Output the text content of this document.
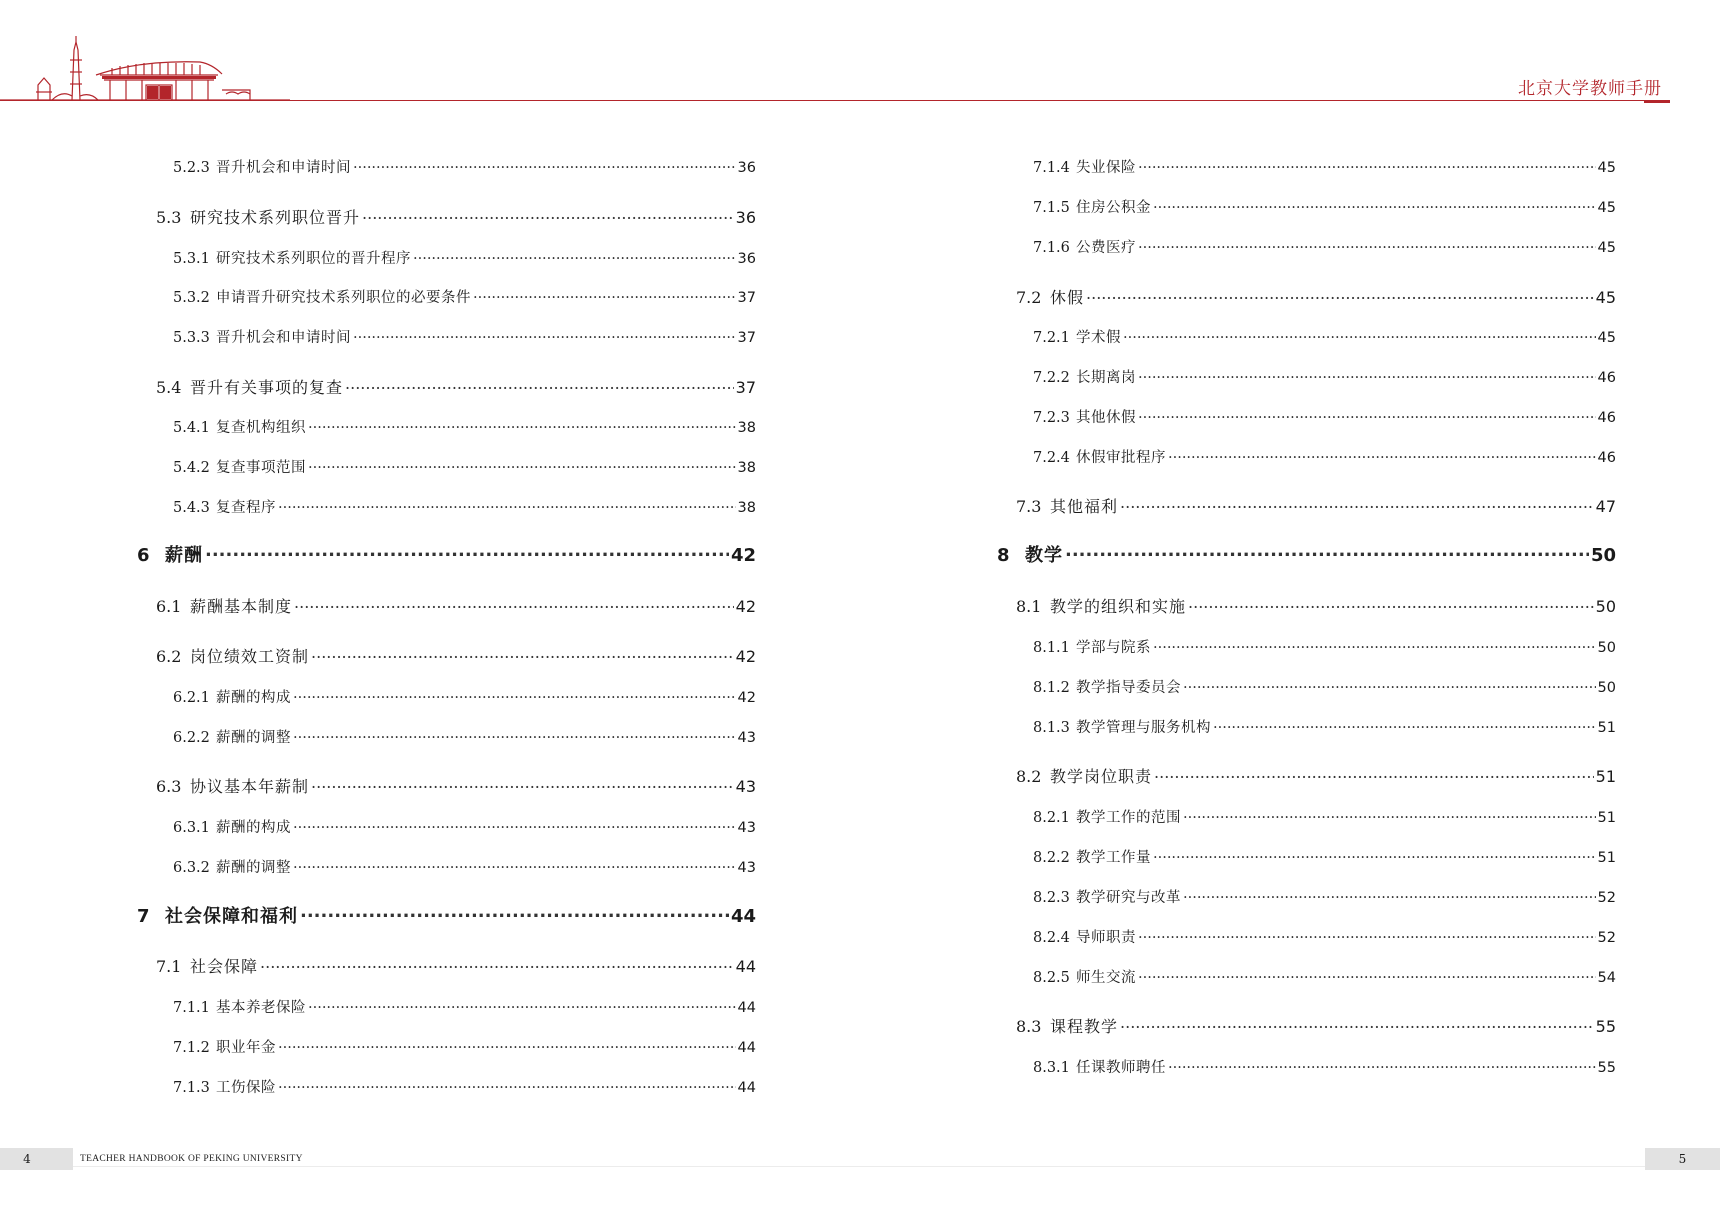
北京大学教师手册
5.2.3 晋升机会和申请时间 .....	36
5.3 研究技术系列职位晋升 .....	36
5.3.1 研究技术系列职位的晋升程序 .....	36
5.3.2 申请晋升研究技术系列职位的必要条件 .....	37
5.3.3 晋升机会和申请时间 .....	37
5.4 晋升有关事项的复查 .....	37
5.4.1 复查机构组织 .....	38
5.4.2 复查事项范围 .....	38
5.4.3 复查程序 .....	38
6 薪酬 .....	42
6.1 薪酬基本制度 .....	42
6.2 岗位绩效工资制 .....	42
6.2.1 薪酬的构成 .....	42
6.2.2 薪酬的调整 .....	43
6.3 协议基本年薪制 .....	43
6.3.1 薪酬的构成 .....	43
6.3.2 薪酬的调整 .....	43
7 社会保障和福利 .....	44
7.1 社会保障 .....	44
7.1.1 基本养老保险 .....	44
7.1.2 职业年金 .....	44
7.1.3 工伤保险 .....	44
7.1.4 失业保险 .....	45
7.1.5 住房公积金 .....	45
7.1.6 公费医疗 .....	45
7.2 休假 .....	45
7.2.1 学术假 .....	45
7.2.2 长期离岗 .....	46
7.2.3 其他休假 .....	46
7.2.4 休假审批程序 .....	46
7.3 其他福利 .....	47
8 教学 .....	50
8.1 教学的组织和实施 .....	50
8.1.1 学部与院系 .....	50
8.1.2 教学指导委员会 .....	50
8.1.3 教学管理与服务机构 .....	51
8.2 教学岗位职责 .....	51
8.2.1 教学工作的范围 .....	51
8.2.2 教学工作量 .....	51
8.2.3 教学研究与改革 .....	52
8.2.4 导师职责 .....	52
8.2.5 师生交流 .....	54
8.3 课程教学 .....	55
8.3.1 任课教师聘任 .....	55
4	TEACHER HANDBOOK OF PEKING UNIVERSITY	5
